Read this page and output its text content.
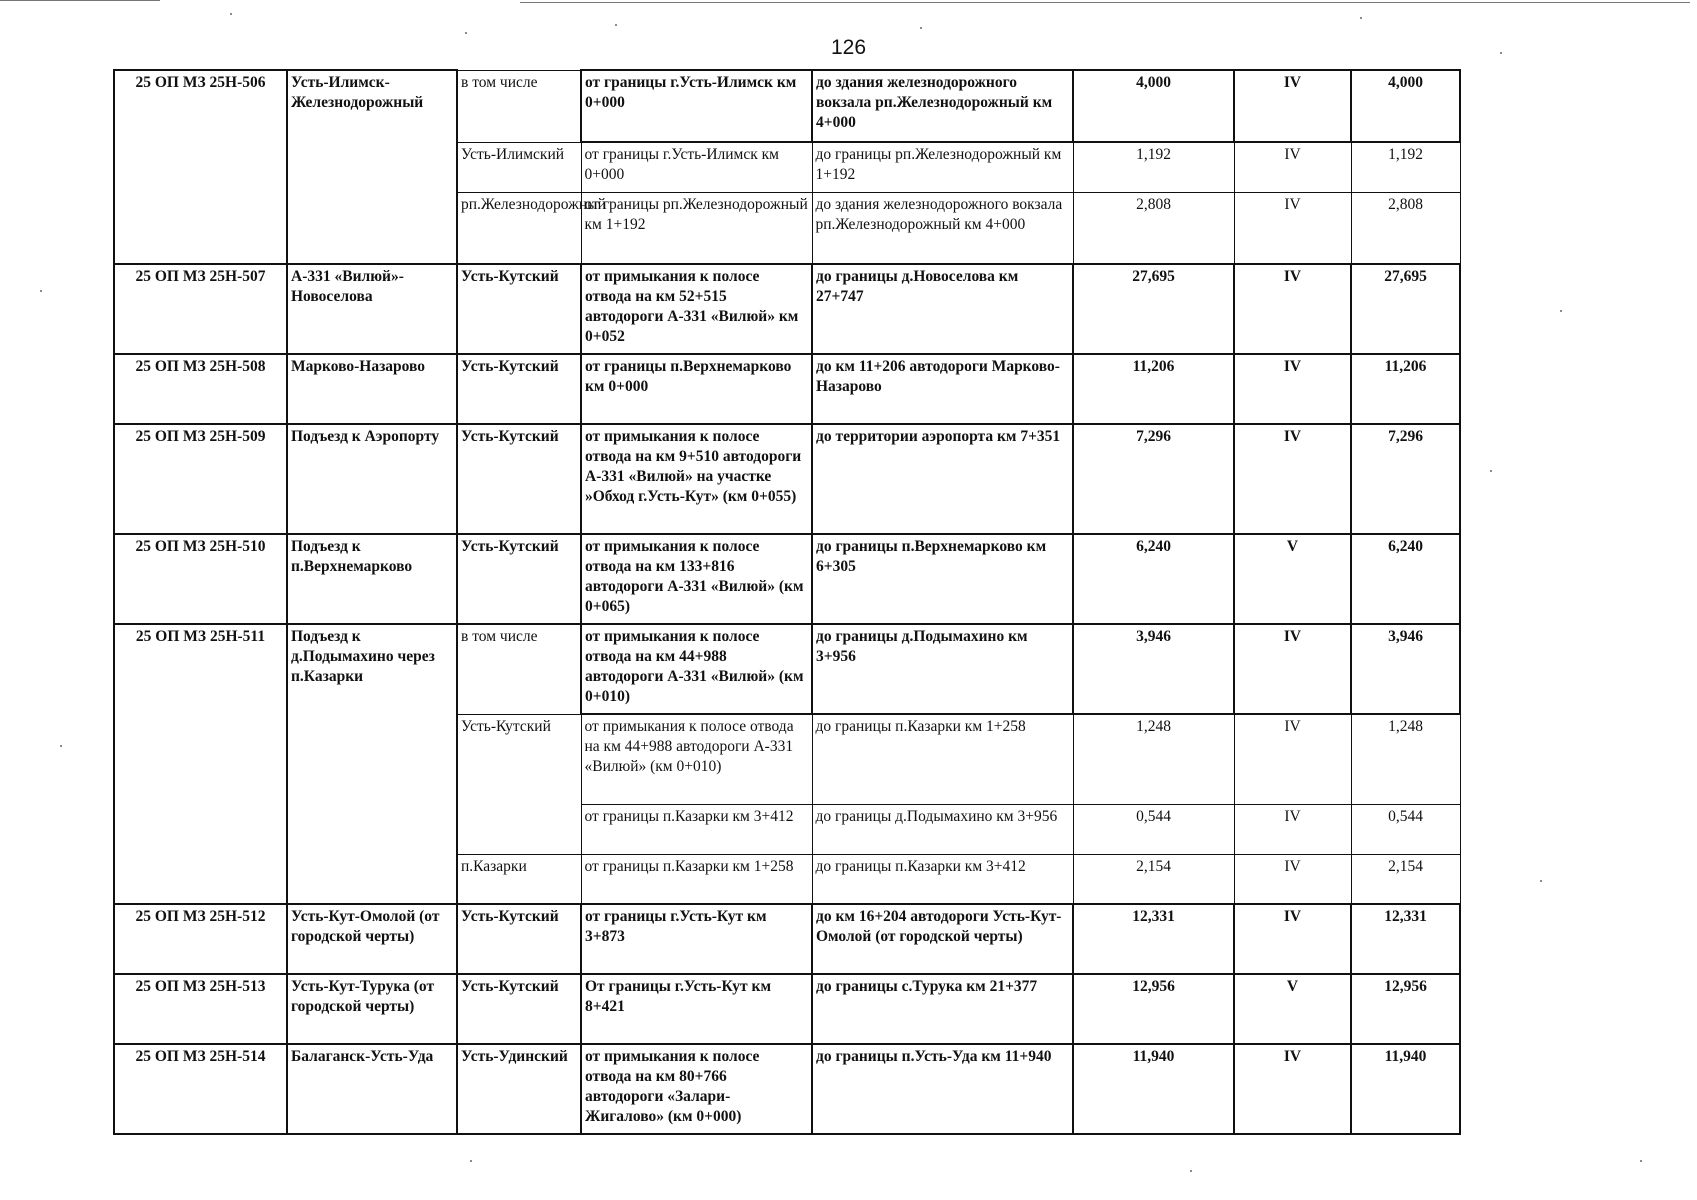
126
25 ОП МЗ 25Н-506	Усть-Илимск-Железнодорожный	в том числе	от границы г.Усть-Илимск км 0+000	до здания железнодорожного вокзала рп.Железнодорожный км 4+000	4,000	IV	4,000
		Усть-Илимский	от границы г.Усть-Илимск км 0+000	до границы рп.Железнодорожный км 1+192	1,192	IV	1,192
		рп.Железнодорожный	от границы рп.Железнодорожный км 1+192	до здания железнодорожного вокзала рп.Железнодорожный км 4+000	2,808	IV	2,808
25 ОП МЗ 25Н-507	А-331 «Вилюй»-Новоселова	Усть-Кутский	от примыкания к полосе отвода на км 52+515 автодороги А-331 «Вилюй» км 0+052	до границы д.Новоселова км 27+747	27,695	IV	27,695
25 ОП МЗ 25Н-508	Марково-Назарово	Усть-Кутский	от границы п.Верхнемарково км 0+000	до км 11+206 автодороги Марково-Назарово	11,206	IV	11,206
25 ОП МЗ 25Н-509	Подъезд к Аэропорту	Усть-Кутский	от примыкания к полосе отвода на км 9+510 автодороги А-331 «Вилюй» на участке »Обход г.Усть-Кут» (км 0+055)	до территории аэропорта км 7+351	7,296	IV	7,296
25 ОП МЗ 25Н-510	Подъезд к п.Верхнемарково	Усть-Кутский	от примыкания к полосе отвода на км 133+816 автодороги А-331 «Вилюй» (км 0+065)	до границы п.Верхнемарково км 6+305	6,240	V	6,240
25 ОП МЗ 25Н-511	Подъезд к д.Подымахино через п.Казарки	в том числе	от примыкания к полосе отвода на км 44+988 автодороги А-331 «Вилюй» (км 0+010)	до границы д.Подымахино км 3+956	3,946	IV	3,946
		Усть-Кутский	от примыкания к полосе отвода на км 44+988 автодороги А-331 «Вилюй» (км 0+010)	до границы п.Казарки км 1+258	1,248	IV	1,248
			от границы п.Казарки км 3+412	до границы д.Подымахино км 3+956	0,544	IV	0,544
		п.Казарки	от границы п.Казарки км 1+258	до границы п.Казарки км 3+412	2,154	IV	2,154
25 ОП МЗ 25Н-512	Усть-Кут-Омолой (от городской черты)	Усть-Кутский	от границы г.Усть-Кут км 3+873	до км 16+204 автодороги Усть-Кут-Омолой (от городской черты)	12,331	IV	12,331
25 ОП МЗ 25Н-513	Усть-Кут-Турука (от городской черты)	Усть-Кутский	От границы г.Усть-Кут км 8+421	до границы с.Турука км 21+377	12,956	V	12,956
25 ОП МЗ 25Н-514	Балаганск-Усть-Уда	Усть-Удинский	от примыкания к полосе отвода на км 80+766 автодороги «Залари-Жигалово» (км 0+000)	до границы п.Усть-Уда км 11+940	11,940	IV	11,940
